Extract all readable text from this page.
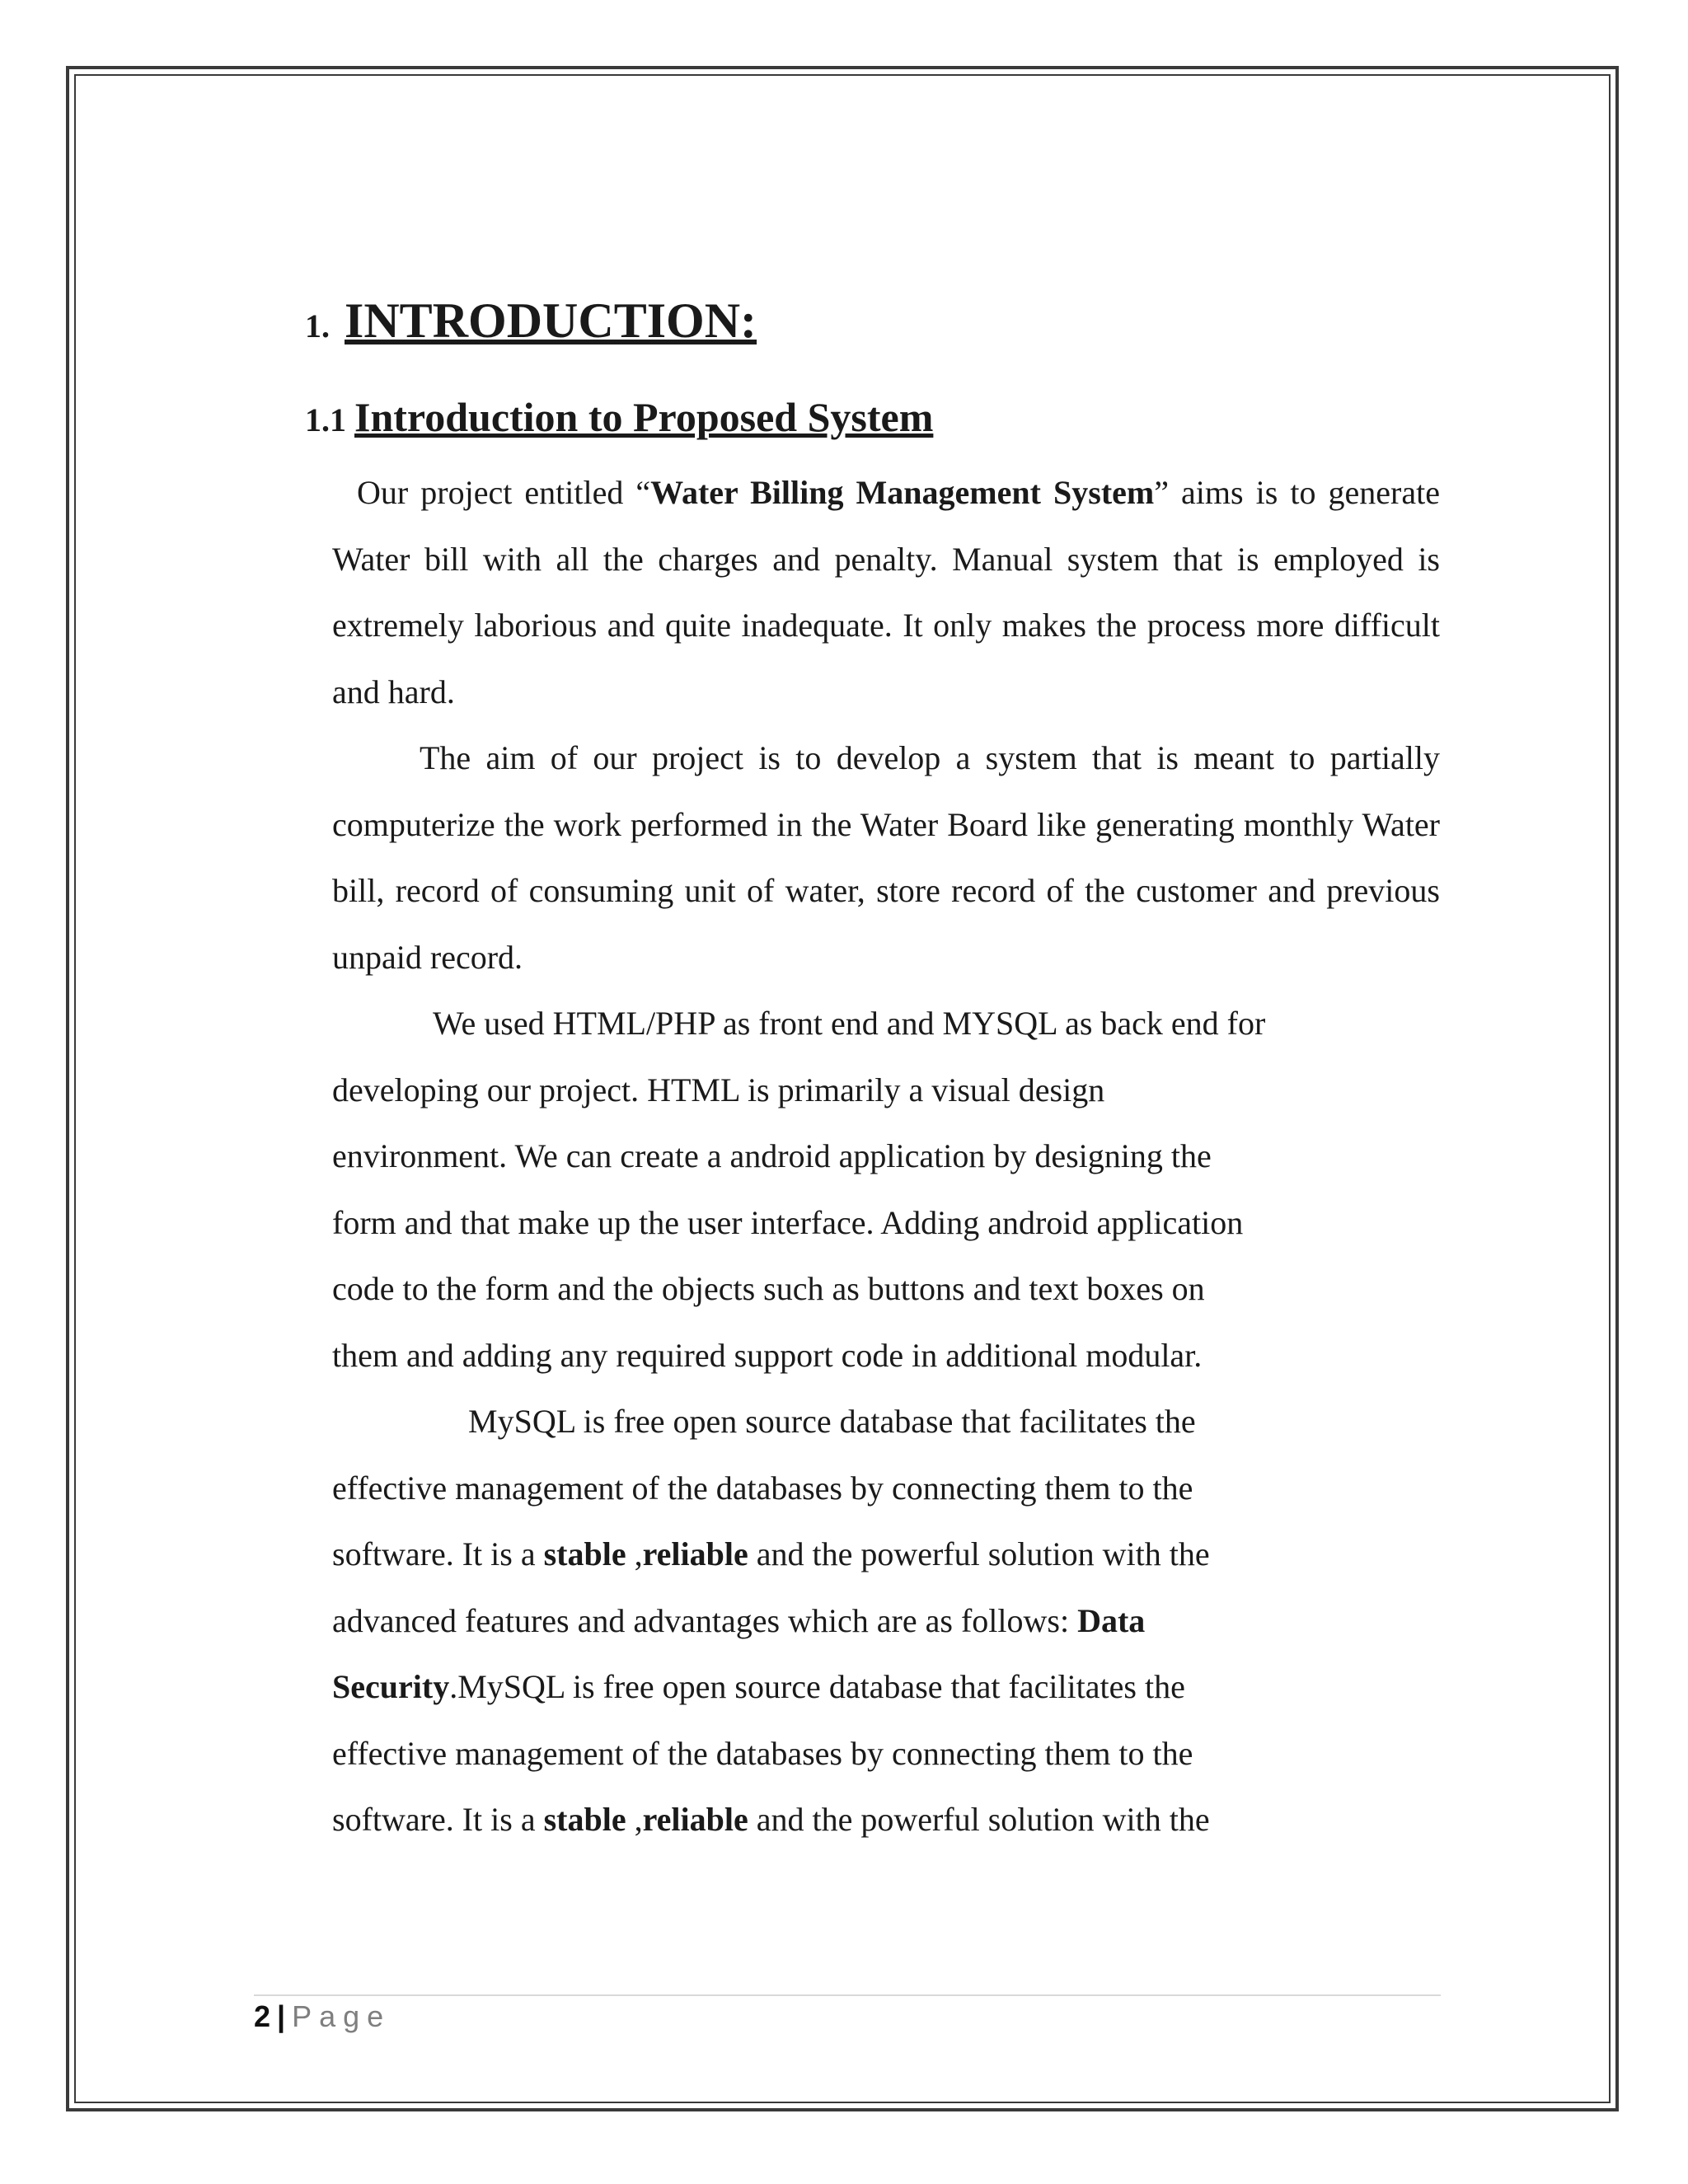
1. INTRODUCTION:
1.1 Introduction to Proposed System

Our project entitled “Water Billing Management System” aims is to generate Water bill with all the charges and penalty. Manual system that is employed is extremely laborious and quite inadequate. It only makes the process more difficult and hard.

The aim of our project is to develop a system that is meant to partially computerize the work performed in the Water Board like generating monthly Water bill, record of consuming unit of water, store record of the customer and previous unpaid record.

We used HTML/PHP as front end and MYSQL as back end for
developing our project. HTML is primarily a visual design
environment. We can create a android application by designing the
form and that make up the user interface. Adding android application
code to the form and the objects such as buttons and text boxes on
them and adding any required support code in additional modular.

MySQL is free open source database that facilitates the
effective management of the databases by connecting them to the
software. It is a stable ,reliable and the powerful solution with the
advanced features and advantages which are as follows: Data
Security.MySQL is free open source database that facilitates the
effective management of the databases by connecting them to the
software. It is a stable ,reliable and the powerful solution with the

2 | Page
